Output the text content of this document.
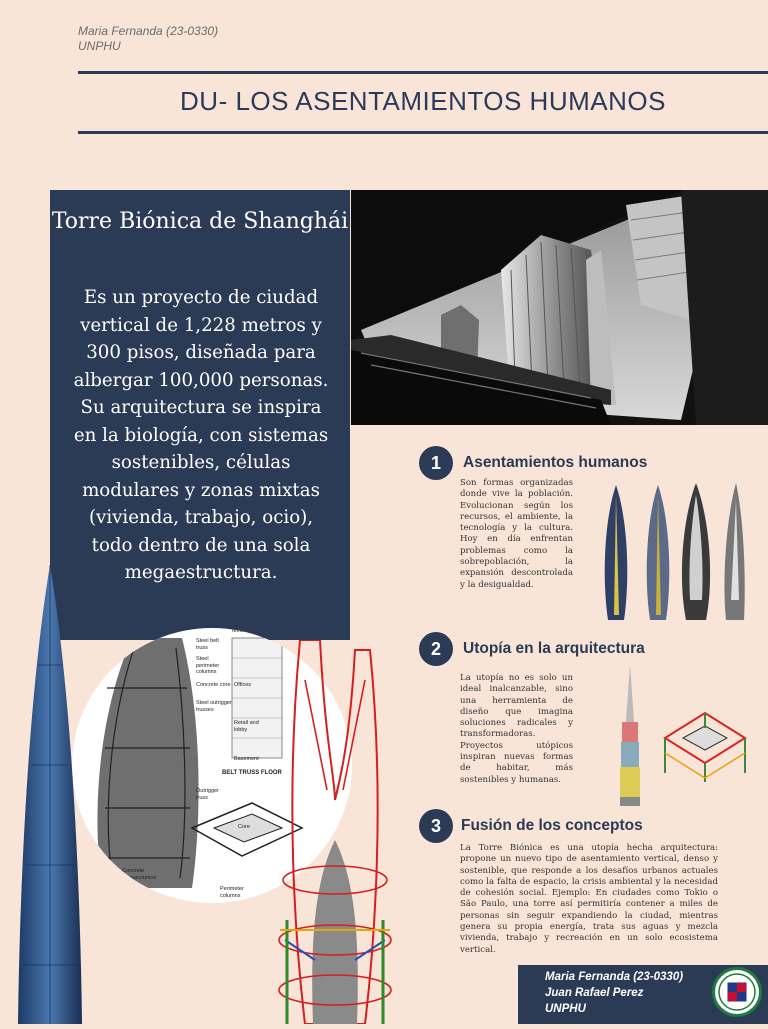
Maria Fernanda (23-0330)
UNPHU
DU- LOS ASENTAMIENTOS HUMANOS
Torre Biónica de Shanghái
Es un proyecto de ciudad vertical de 1,228 metros y 300 pisos, diseñada para albergar 100,000 personas. Su arquitectura se inspira en la biología, con sistemas sostenibles, células modulares y zonas mixtas (vivienda, trabajo, ocio), todo dentro de una sola megaestructura.
1	Asentamientos humanos
Son formas organizadas donde vive la población. Evolucionan según los recursos, el ambiente, la tecnología y la cultura. Hoy en día enfrentan problemas como la sobrepoblación, la expansión descontrolada y la desigualdad.
2	Utopía en la arquitectura
La utopía no es solo un ideal inalcanzable, sino una herramienta de diseño que imagina soluciones radicales y transformadoras. Proyectos utópicos inspiran nuevas formas de habitar, más sostenibles y humanas.
3	Fusión de los conceptos
La Torre Biónica es una utopía hecha arquitectura: propone un nuevo tipo de asentamiento vertical, denso y sostenible, que responde a los desafíos urbanos actuales como la falta de espacio, la crisis ambiental y la necesidad de cohesión social. Ejemplo: En ciudades como Tokio o São Paulo, una torre así permitiría contener a miles de personas sin seguir expandiendo la ciudad, mientras genera su propia energía, trata sus aguas y mezcla vivienda, trabajo y recreación en un solo ecosistema vertical.
Steel belt truss
Steel perimeter columns
Concrete core
Steel outrigger trusses
Mechanical
Offices
Retail and lobby
Basement
BELT TRUSS FLOOR
Outrigger truss
Core
Concrete megacolumns
Perimeter columns
Concrete
Maria Fernanda (23-0330)
Juan Rafael Perez
UNPHU
